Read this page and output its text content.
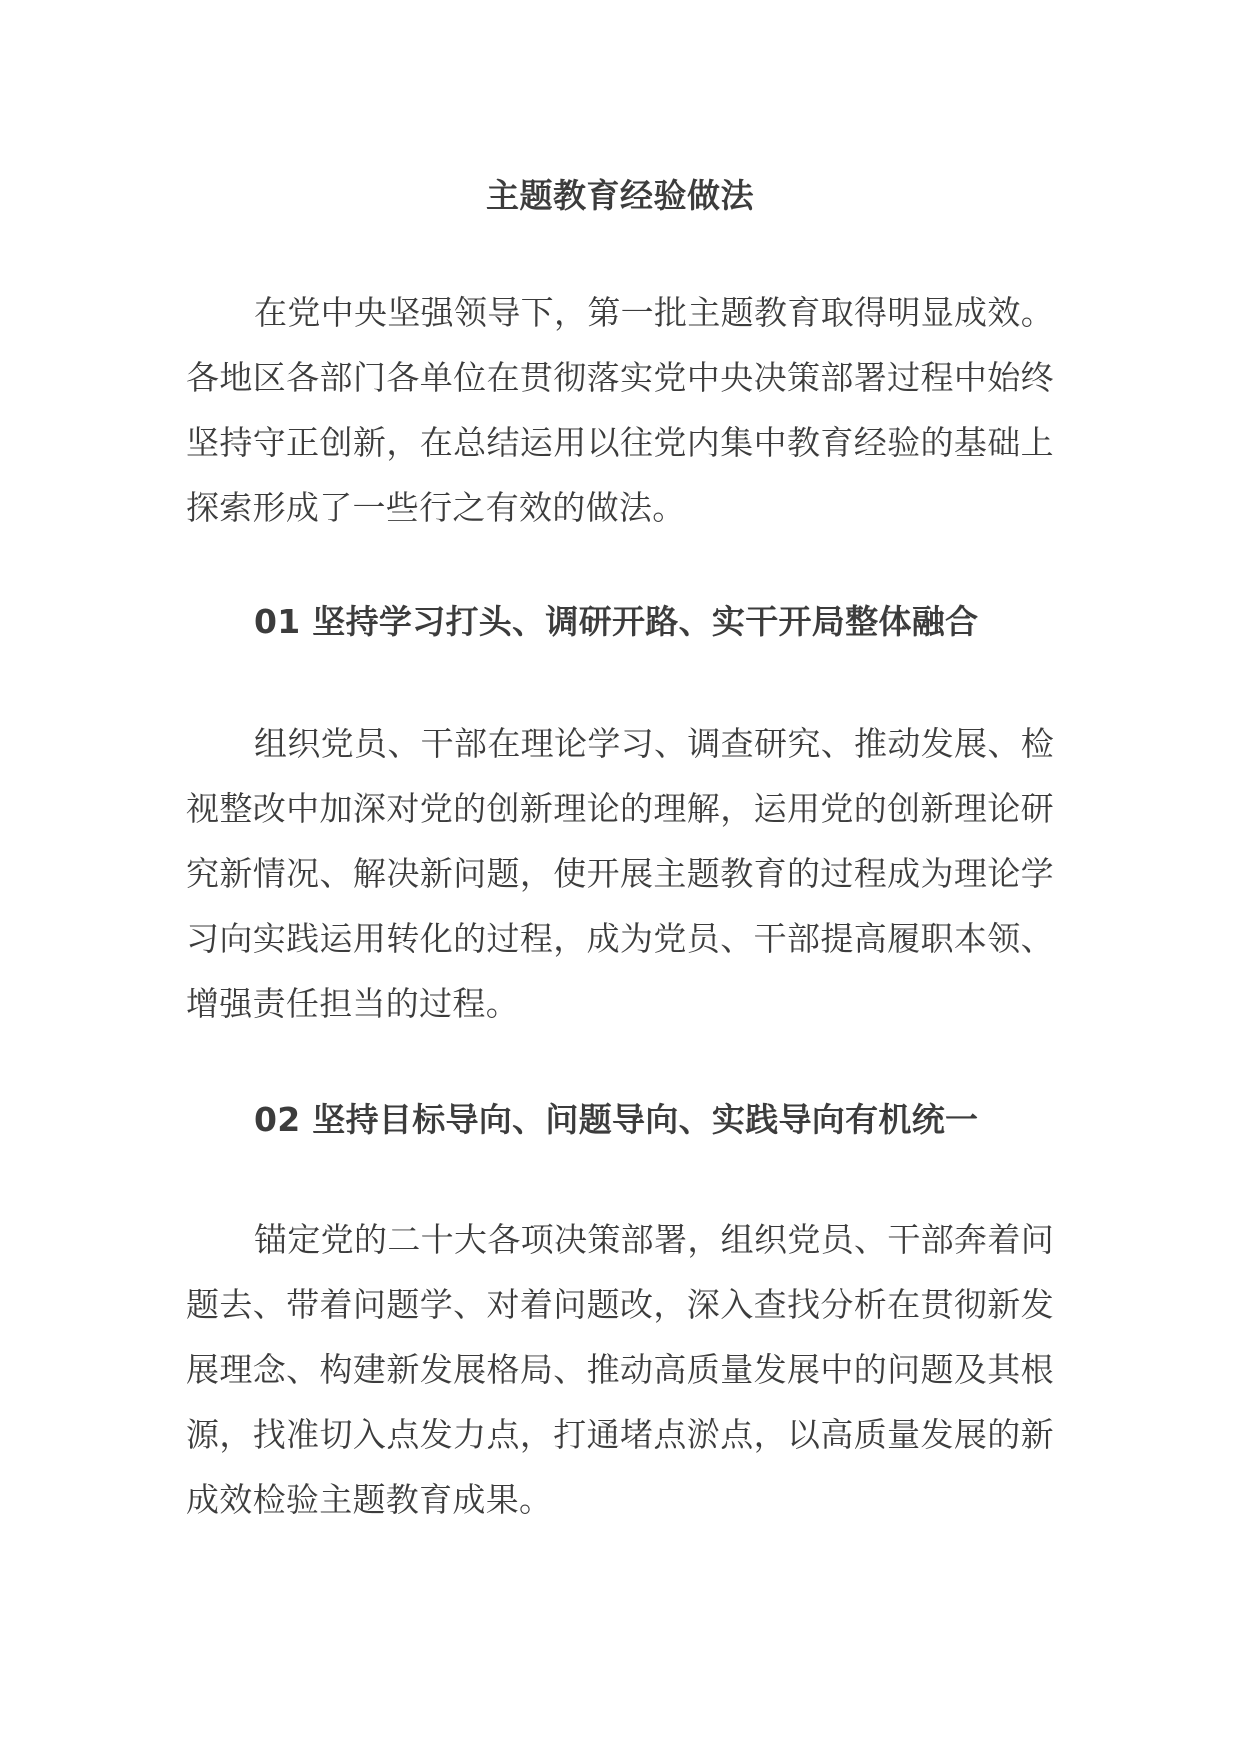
主题教育经验做法

在党中央坚强领导下，第一批主题教育取得明显成效。各地区各部门各单位在贯彻落实党中央决策部署过程中始终坚持守正创新，在总结运用以往党内集中教育经验的基础上探索形成了一些行之有效的做法。

01 坚持学习打头、调研开路、实干开局整体融合

组织党员、干部在理论学习、调查研究、推动发展、检视整改中加深对党的创新理论的理解，运用党的创新理论研究新情况、解决新问题，使开展主题教育的过程成为理论学习向实践运用转化的过程，成为党员、干部提高履职本领、增强责任担当的过程。

02 坚持目标导向、问题导向、实践导向有机统一

锚定党的二十大各项决策部署，组织党员、干部奔着问题去、带着问题学、对着问题改，深入查找分析在贯彻新发展理念、构建新发展格局、推动高质量发展中的问题及其根源，找准切入点发力点，打通堵点淤点，以高质量发展的新成效检验主题教育成果。
